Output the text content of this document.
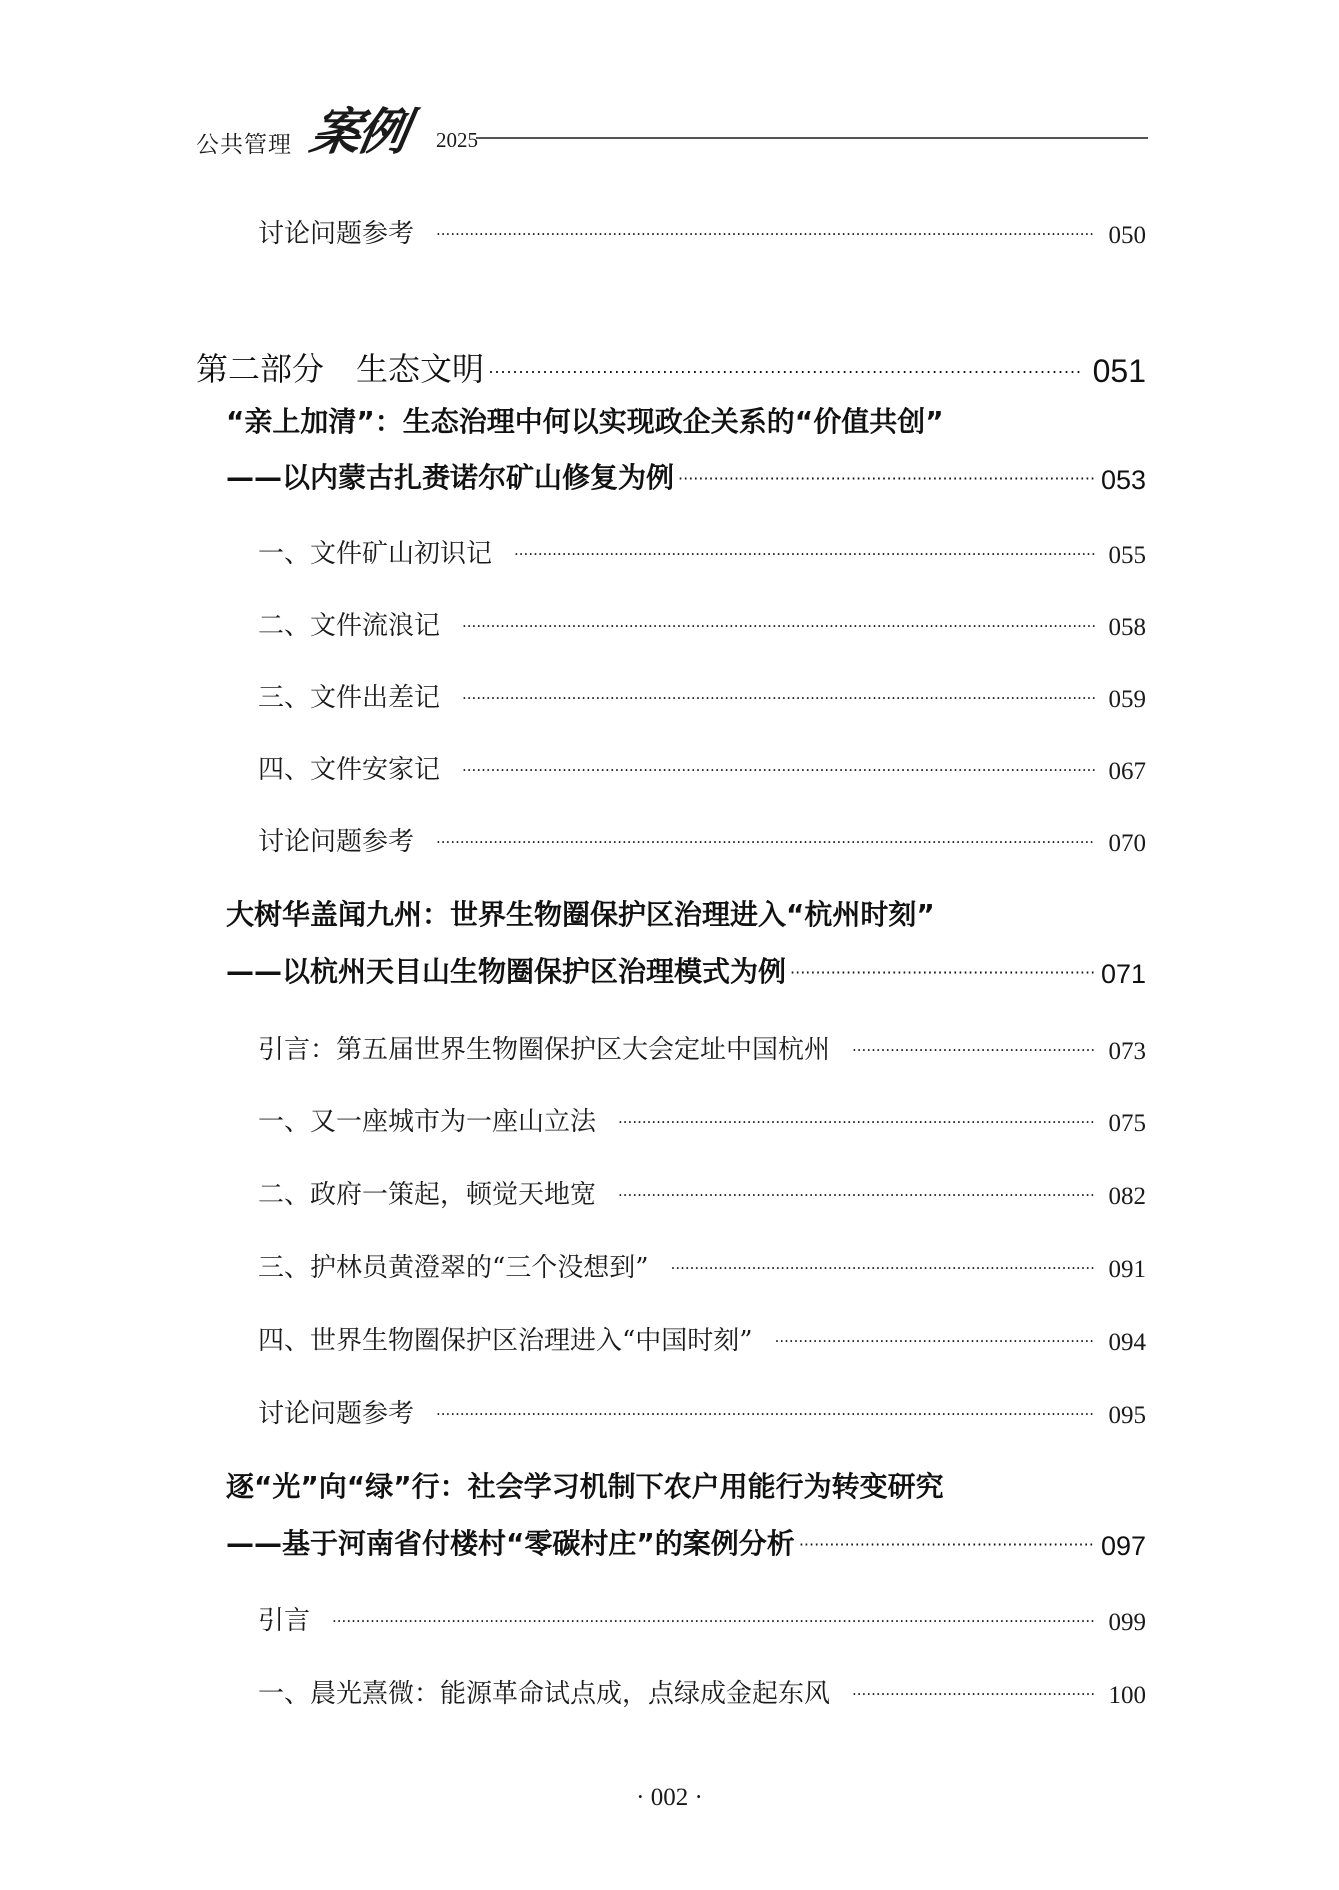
公共管理 案例 2025
讨论问题参考 ·····	050
第二部分　生态文明 ·····	051
“亲上加清”：生态治理中何以实现政企关系的“价值共创”
——以内蒙古扎赉诺尔矿山修复为例 ·····	053
一、文件矿山初识记 ·····	055
二、文件流浪记 ·····	058
三、文件出差记 ·····	059
四、文件安家记 ·····	067
讨论问题参考 ·····	070
大树华盖闻九州：世界生物圈保护区治理进入“杭州时刻”
——以杭州天目山生物圈保护区治理模式为例 ·····	071
引言：第五届世界生物圈保护区大会定址中国杭州 ·····	073
一、又一座城市为一座山立法 ·····	075
二、政府一策起，顿觉天地宽 ·····	082
三、护林员黄澄翠的“三个没想到” ·····	091
四、世界生物圈保护区治理进入“中国时刻” ·····	094
讨论问题参考 ·····	095
逐“光”向“绿”行：社会学习机制下农户用能行为转变研究
——基于河南省付楼村“零碳村庄”的案例分析 ·····	097
引言 ·····	099
一、晨光熹微：能源革命试点成，点绿成金起东风 ·····	100
· 002 ·
